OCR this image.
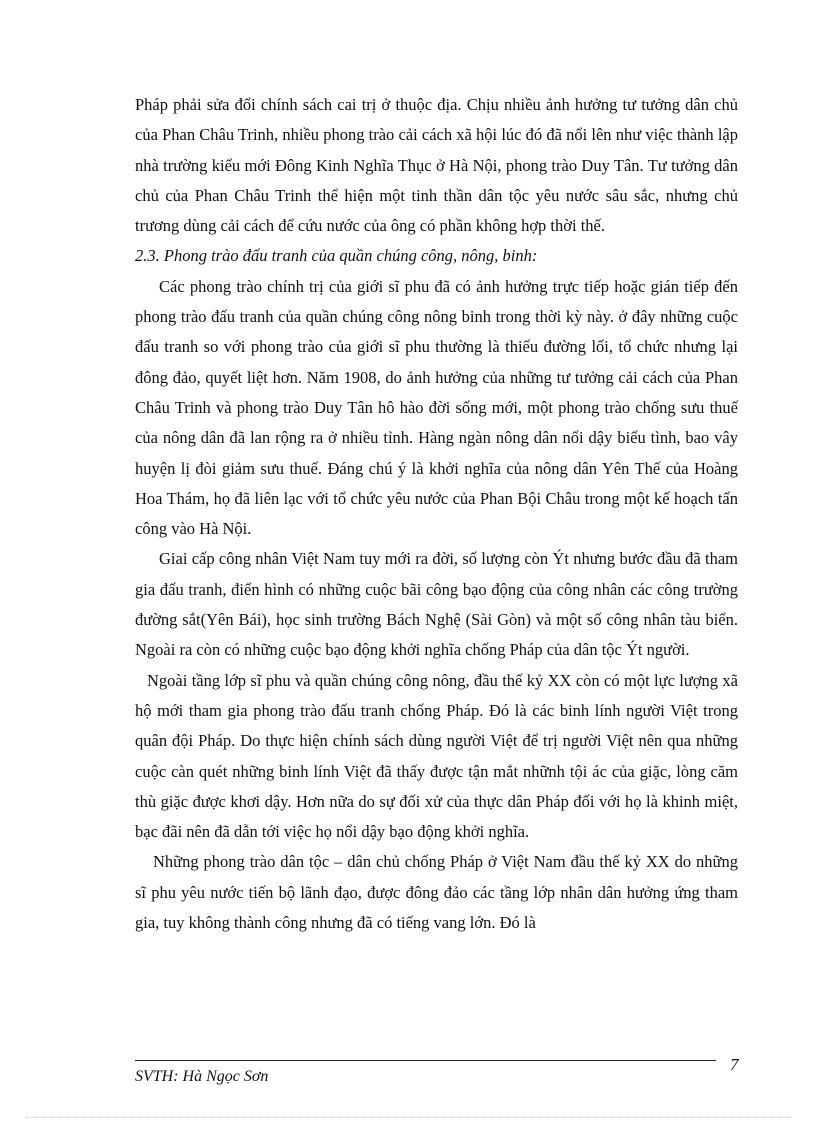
Pháp phải sửa đổi chính sách cai trị ở thuộc địa. Chịu nhiều ảnh hưởng tư tưởng dân chủ của Phan Châu Trinh, nhiều phong trào cải cách xã hội lúc đó đã nổi lên như việc thành lập nhà trường kiểu mới Đông Kinh Nghĩa Thục ở Hà Nội, phong trào Duy Tân. Tư tưởng dân chủ của Phan Châu Trinh thể hiện một tinh thần dân tộc yêu nước sâu sắc, nhưng chủ trương dùng cải cách để cứu nước của ông có phần không hợp thời thế.

2.3. Phong trào đấu tranh của quần chúng công, nông, binh:

Các phong trào chính trị của giới sĩ phu đã có ảnh hưởng trực tiếp hoặc gián tiếp đến phong trào đấu tranh của quần chúng công nông binh trong thời kỳ này. ở đây những cuộc đấu tranh so với phong trào của giới sĩ phu thường là thiếu đường lối, tổ chức nhưng lại đông đảo, quyết liệt hơn. Năm 1908, do ảnh hưởng của những tư tưởng cải cách của Phan Châu Trinh và phong trào Duy Tân hô hào đời sống mới, một phong trào chống sưu thuế của nông dân đã lan rộng ra ở nhiều tỉnh. Hàng ngàn nông dân nổi dậy biểu tình, bao vây huyện lị đòi giảm sưu thuế. Đáng chú ý là khởi nghĩa của nông dân Yên Thế của Hoàng Hoa Thám, họ đã liên lạc với tổ chức yêu nước của Phan Bội Châu trong một kế hoạch tấn công vào Hà Nội.

Giai cấp công nhân Việt Nam tuy mới ra đời, số lượng còn Ýt nhưng bước đầu đã tham gia đấu tranh, điển hình có những cuộc bãi công bạo động của công nhân các công trường đường sắt(Yên Bái), học sinh trường Bách Nghệ (Sài Gòn) và một số công nhân tàu biển. Ngoài ra còn có những cuộc bạo động khởi nghĩa chống Pháp của dân tộc Ýt người.

Ngoài tầng lớp sĩ phu và quần chúng công nông, đầu thế kỷ XX còn có một lực lượng xã hộ mới tham gia phong trào đấu tranh chống Pháp. Đó là các binh lính người Việt trong quân đội Pháp. Do thực hiện chính sách dùng người Việt để trị người Việt nên qua những cuộc càn quét những binh lính Việt đã thấy được tận mắt nhữnh tội ác của giặc, lòng căm thù giặc được khơi dậy. Hơn nữa do sự đối xử của thực dân Pháp đối với họ là khinh miệt, bạc đãi nên đã dẫn tới việc họ nổi dậy bạo động khởi nghĩa.

Những phong trào dân tộc – dân chủ chống Pháp ở Việt Nam đầu thế kỷ XX do những sĩ phu yêu nước tiến bộ lãnh đạo, được đông đảo các tầng lớp nhân dân hưởng ứng tham gia, tuy không thành công nhưng đã có tiếng vang lớn. Đó là

SVTH: Hà Ngọc Sơn
7
